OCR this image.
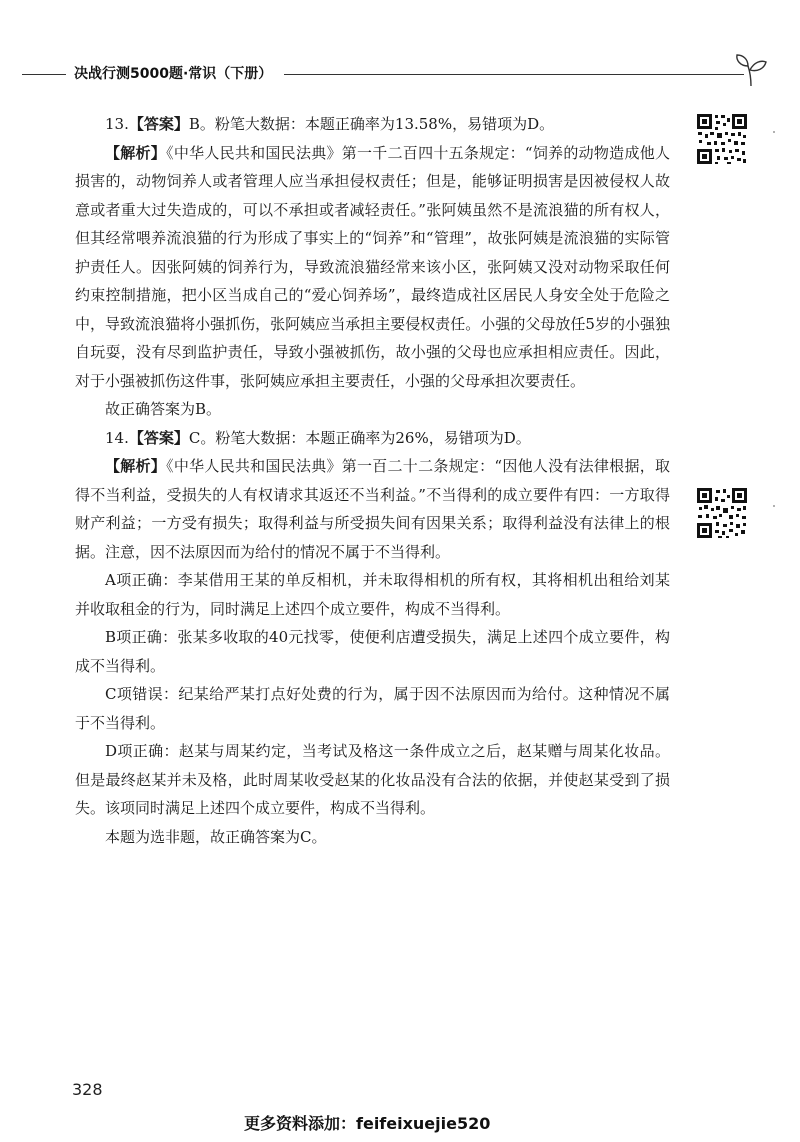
决战行测5000题·常识（下册）

13.【答案】B。粉笔大数据：本题正确率为13.58%，易错项为D。

【解析】《中华人民共和国民法典》第一千二百四十五条规定：“饲养的动物造成他人损害的，动物饲养人或者管理人应当承担侵权责任；但是，能够证明损害是因被侵权人故意或者重大过失造成的，可以不承担或者减轻责任。”张阿姨虽然不是流浪猫的所有权人，但其经常喂养流浪猫的行为形成了事实上的“饲养”和“管理”，故张阿姨是流浪猫的实际管护责任人。因张阿姨的饲养行为，导致流浪猫经常来该小区，张阿姨又没对动物采取任何约束控制措施，把小区当成自己的“爱心饲养场”，最终造成社区居民人身安全处于危险之中，导致流浪猫将小强抓伤，张阿姨应当承担主要侵权责任。小强的父母放任5岁的小强独自玩耍，没有尽到监护责任，导致小强被抓伤，故小强的父母也应承担相应责任。因此，对于小强被抓伤这件事，张阿姨应承担主要责任，小强的父母承担次要责任。

故正确答案为B。

14.【答案】C。粉笔大数据：本题正确率为26%，易错项为D。

【解析】《中华人民共和国民法典》第一百二十二条规定：“因他人没有法律根据，取得不当利益，受损失的人有权请求其返还不当利益。”不当得利的成立要件有四：一方取得财产利益；一方受有损失；取得利益与所受损失间有因果关系；取得利益没有法律上的根据。注意，因不法原因而为给付的情况不属于不当得利。

A项正确：李某借用王某的单反相机，并未取得相机的所有权，其将相机出租给刘某并收取租金的行为，同时满足上述四个成立要件，构成不当得利。

B项正确：张某多收取的40元找零，使便利店遭受损失，满足上述四个成立要件，构成不当得利。

C项错误：纪某给严某打点好处费的行为，属于因不法原因而为给付。这种情况不属于不当得利。

D项正确：赵某与周某约定，当考试及格这一条件成立之后，赵某赠与周某化妆品。但是最终赵某并未及格，此时周某收受赵某的化妆品没有合法的依据，并使赵某受到了损失。该项同时满足上述四个成立要件，构成不当得利。

本题为选非题，故正确答案为C。

328
更多资料添加：feifeixuejie520
